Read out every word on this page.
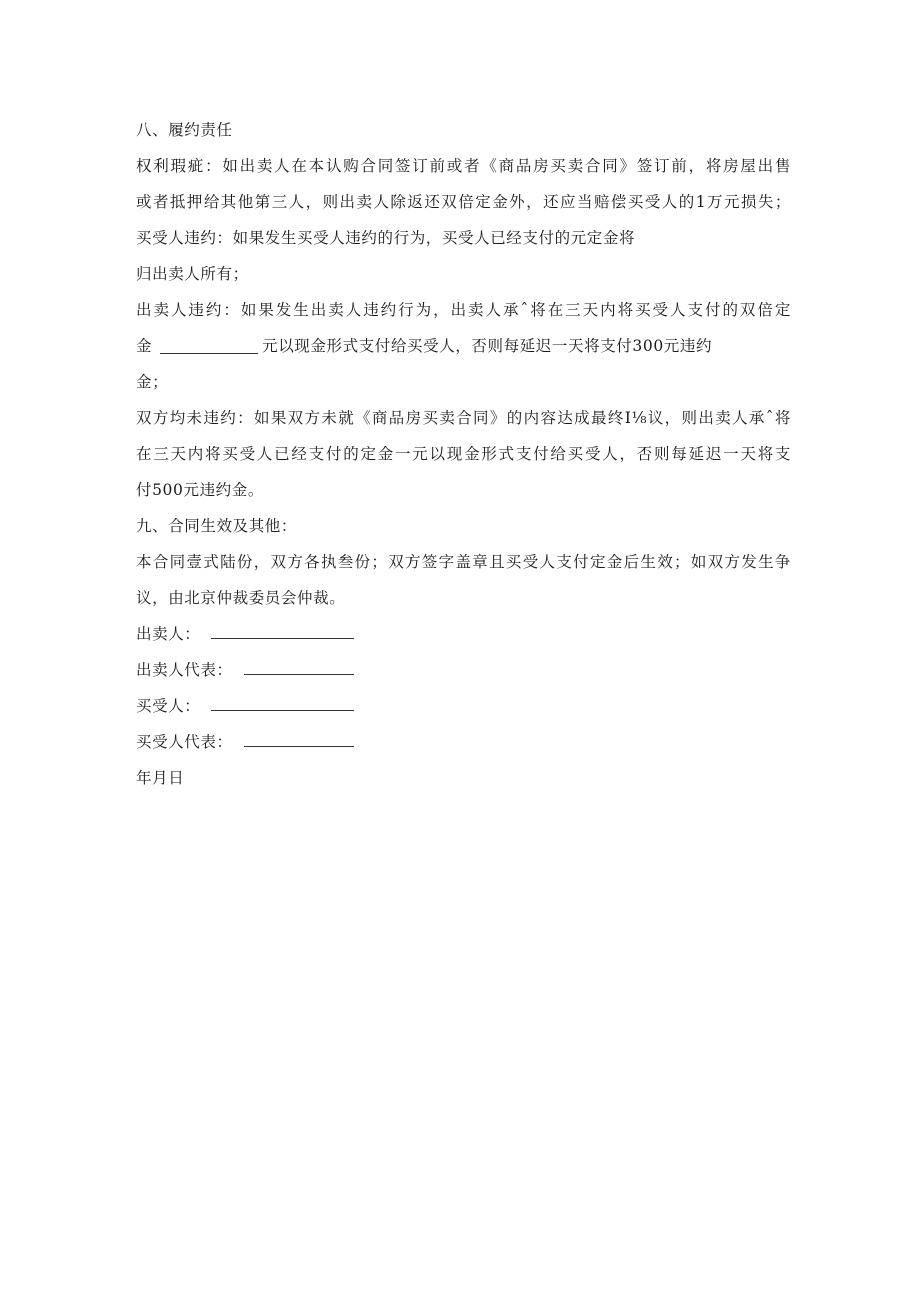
八、履约责任
权利瑕疵：如出卖人在本认购合同签订前或者《商品房买卖合同》签订前，将房屋出售
或者抵押给其他第三人，则出卖人除返还双倍定金外，还应当赔偿买受人的1万元损失；
买受人违约：如果发生买受人违约的行为，买受人已经支付的元定金将
归出卖人所有；
出卖人违约：如果发生出卖人违约行为，出卖人承ˆ将在三天内将买受人支付的双倍定
金	元以现金形式支付给买受人，否则每延迟一天将支付300元违约
金；
双方均未违约：如果双方未就《商品房买卖合同》的内容达成最终I⅛议，则出卖人承ˆ将
在三天内将买受人已经支付的定金一元以现金形式支付给买受人，否则每延迟一天将支
付500元违约金。
九、合同生效及其他：
本合同壹式陆份，双方各执叁份；双方签字盖章且买受人支付定金后生效；如双方发生争
议，由北京仲裁委员会仲裁。
出卖人：
出卖人代表：
买受人：
买受人代表：
年月日
